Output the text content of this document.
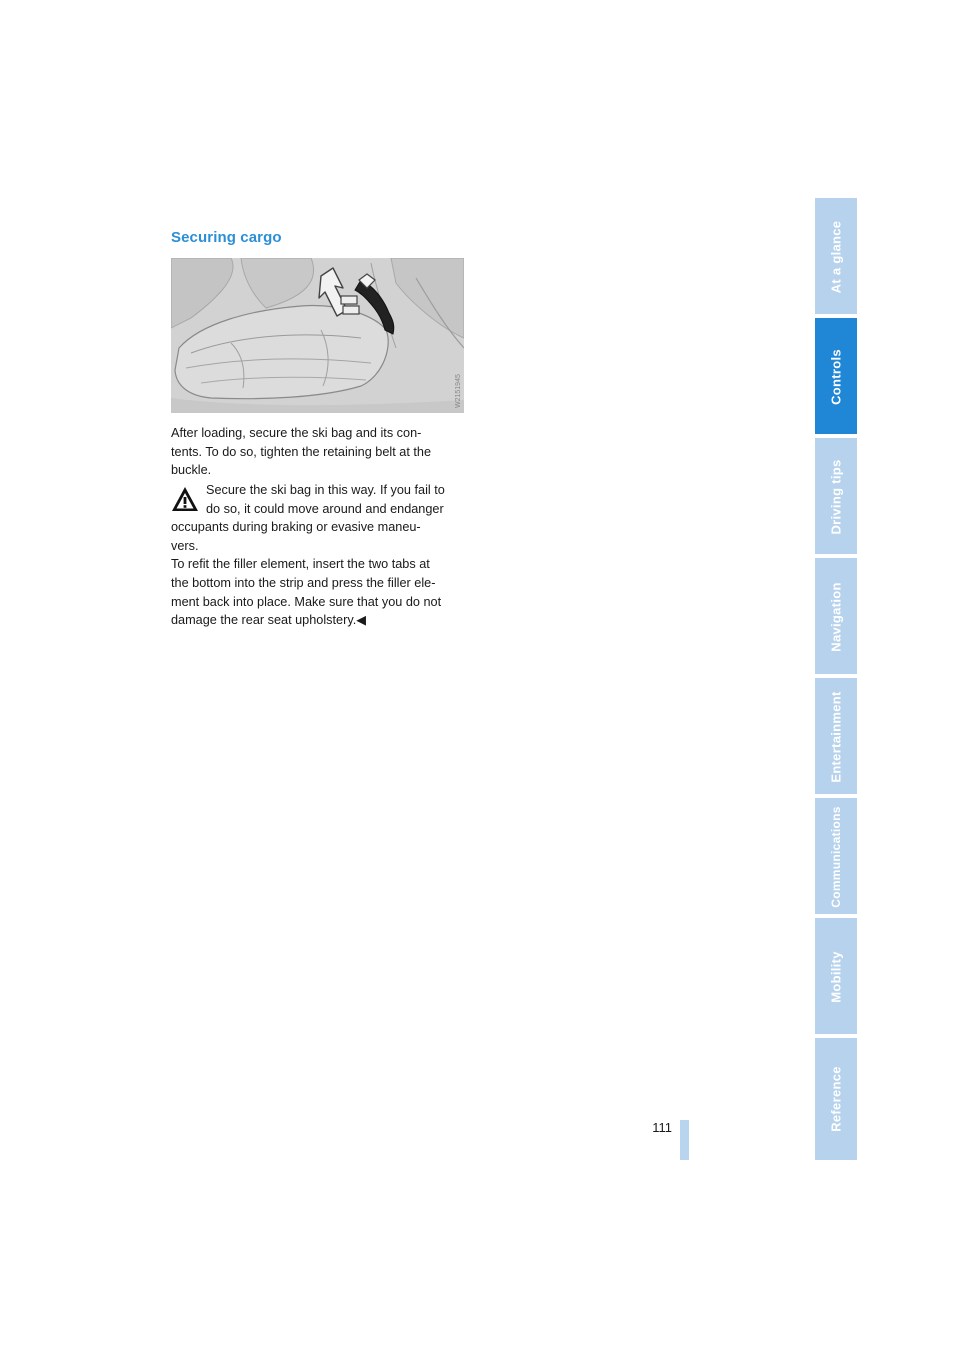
Securing cargo
W2151945

After loading, secure the ski bag and its con-
tents. To do so, tighten the retaining belt at the
buckle.

Secure the ski bag in this way. If you fail to
do so, it could move around and endanger
occupants during braking or evasive maneu-
vers.
To refit the filler element, insert the two tabs at
the bottom into the strip and press the filler ele-
ment back into place. Make sure that you do not
damage the rear seat upholstery.◀

111
At a glance
Controls
Driving tips
Navigation
Entertainment
Communications
Mobility
Reference
